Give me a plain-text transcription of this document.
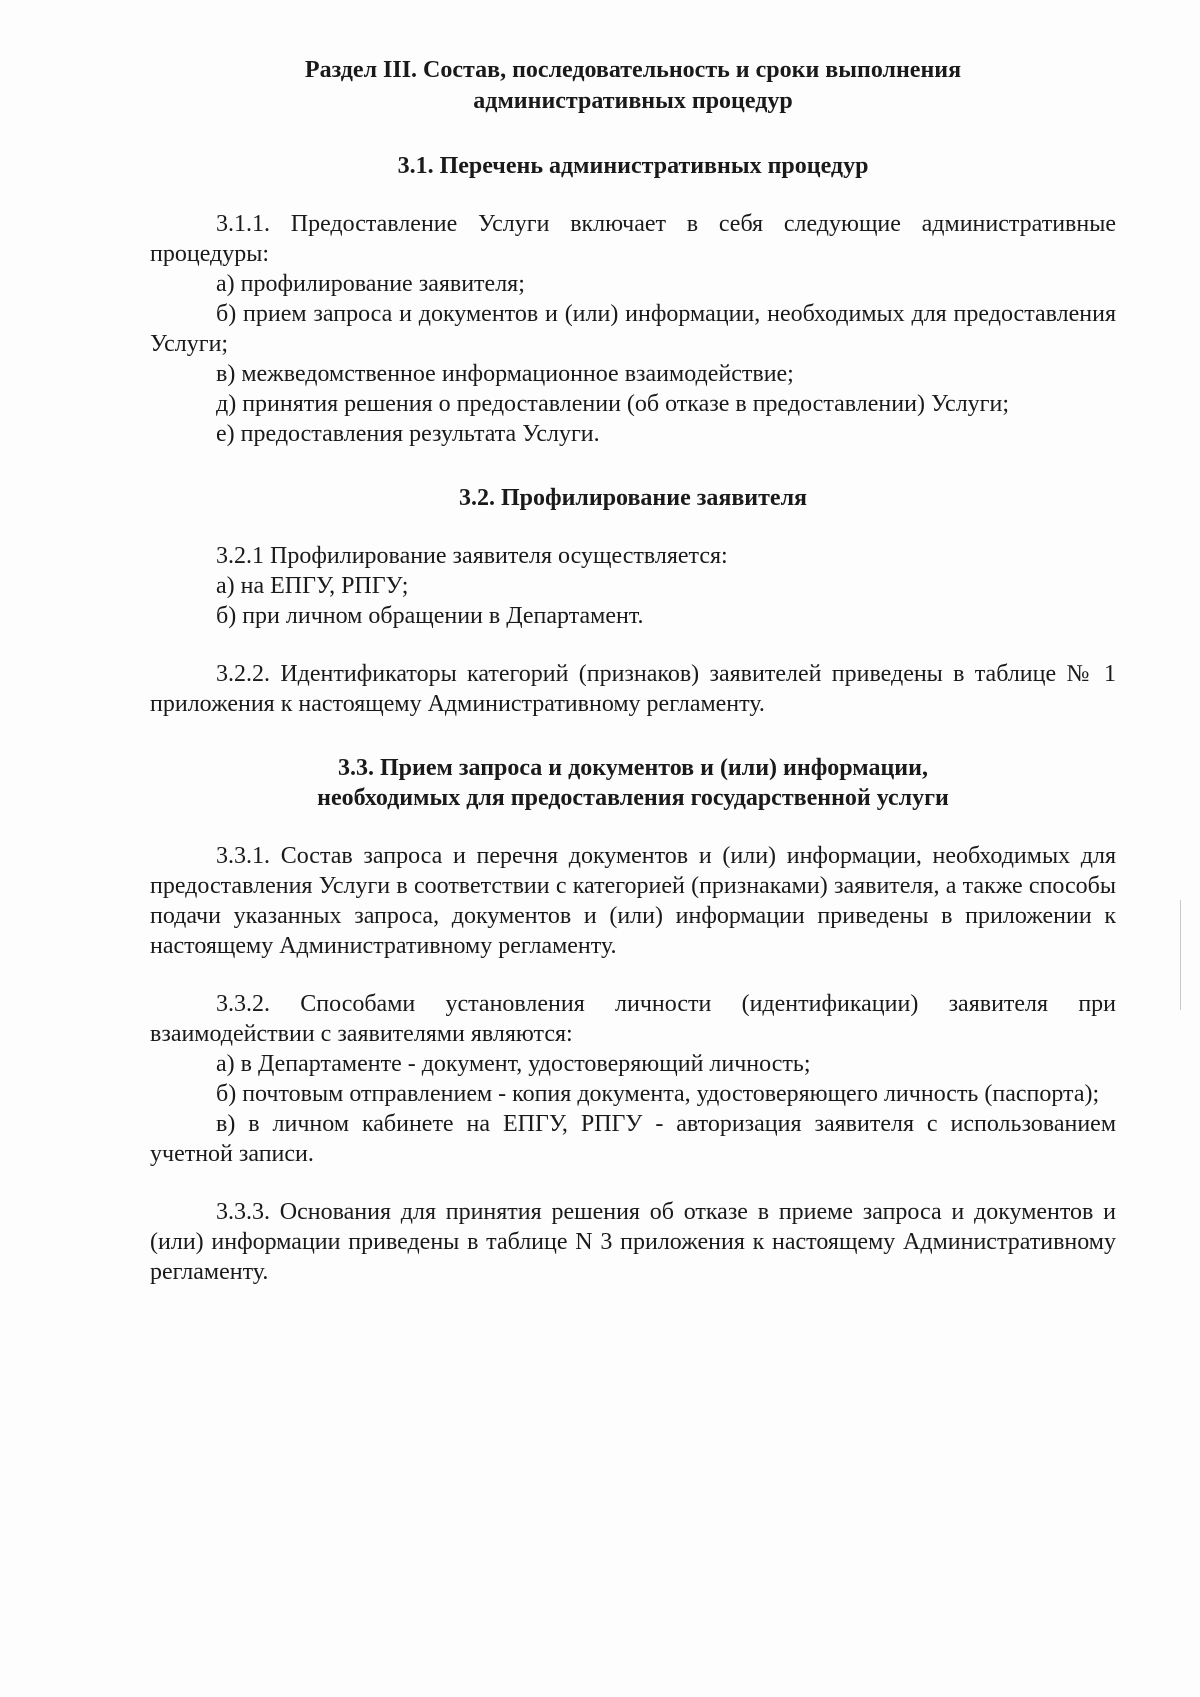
Раздел III. Состав, последовательность и сроки выполнения

административных процедур

3.1. Перечень административных процедур

3.1.1. Предоставление Услуги включает в себя следующие административные процедуры:

а) профилирование заявителя;

б) прием запроса и документов и (или) информации, необходимых для предоставления Услуги;

в) межведомственное информационное взаимодействие;

д) принятия решения о предоставлении (об отказе в предоставлении) Услуги;

е) предоставления результата Услуги.

3.2. Профилирование заявителя

3.2.1 Профилирование заявителя осуществляется:

а) на ЕПГУ, РПГУ;

б) при личном обращении в Департамент.

3.2.2. Идентификаторы категорий (признаков) заявителей приведены в таблице № 1 приложения к настоящему Административному регламенту.

3.3. Прием запроса и документов и (или) информации,

необходимых для предоставления государственной услуги

3.3.1. Состав запроса и перечня документов и (или) информации, необходимых для предоставления Услуги в соответствии с категорией (признаками) заявителя, а также способы подачи указанных запроса, документов и (или) информации приведены в приложении к настоящему Административному регламенту.

3.3.2. Способами установления личности (идентификации) заявителя при взаимодействии с заявителями являются:

а) в Департаменте - документ, удостоверяющий личность;

б) почтовым отправлением - копия документа, удостоверяющего личность (паспорта);

в) в личном кабинете на ЕПГУ, РПГУ - авторизация заявителя с использованием учетной записи.

3.3.3. Основания для принятия решения об отказе в приеме запроса и документов и (или) информации приведены в таблице N 3 приложения к настоящему Административному регламенту.
